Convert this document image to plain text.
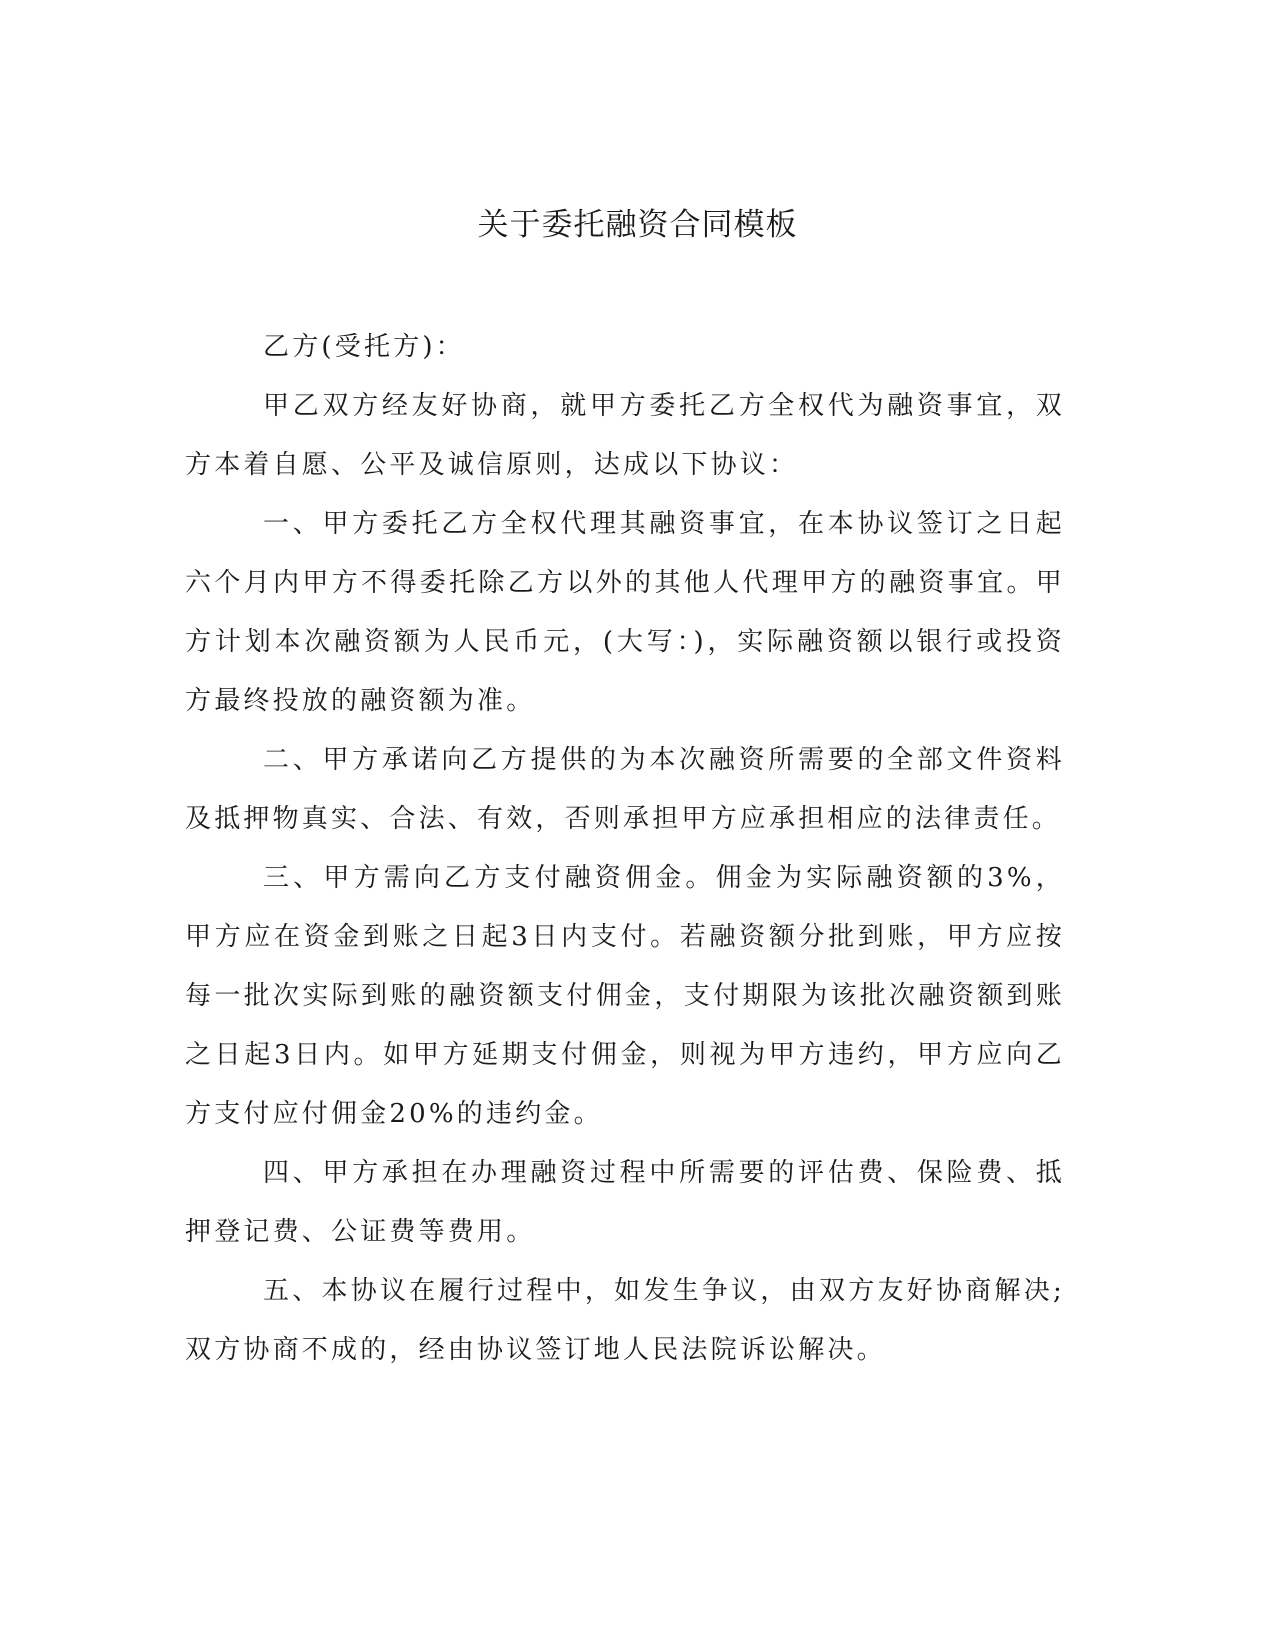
关于委托融资合同模板

乙方(受托方)：

甲乙双方经友好协商，就甲方委托乙方全权代为融资事宜，双方本着自愿、公平及诚信原则，达成以下协议：

一、甲方委托乙方全权代理其融资事宜，在本协议签订之日起六个月内甲方不得委托除乙方以外的其他人代理甲方的融资事宜。甲方计划本次融资额为人民币元，(大写：)，实际融资额以银行或投资方最终投放的融资额为准。

二、甲方承诺向乙方提供的为本次融资所需要的全部文件资料及抵押物真实、合法、有效，否则承担甲方应承担相应的法律责任。

三、甲方需向乙方支付融资佣金。佣金为实际融资额的3%，甲方应在资金到账之日起3日内支付。若融资额分批到账，甲方应按每一批次实际到账的融资额支付佣金，支付期限为该批次融资额到账之日起3日内。如甲方延期支付佣金，则视为甲方违约，甲方应向乙方支付应付佣金20%的违约金。

四、甲方承担在办理融资过程中所需要的评估费、保险费、抵押登记费、公证费等费用。

五、本协议在履行过程中，如发生争议，由双方友好协商解决;双方协商不成的，经由协议签订地人民法院诉讼解决。
